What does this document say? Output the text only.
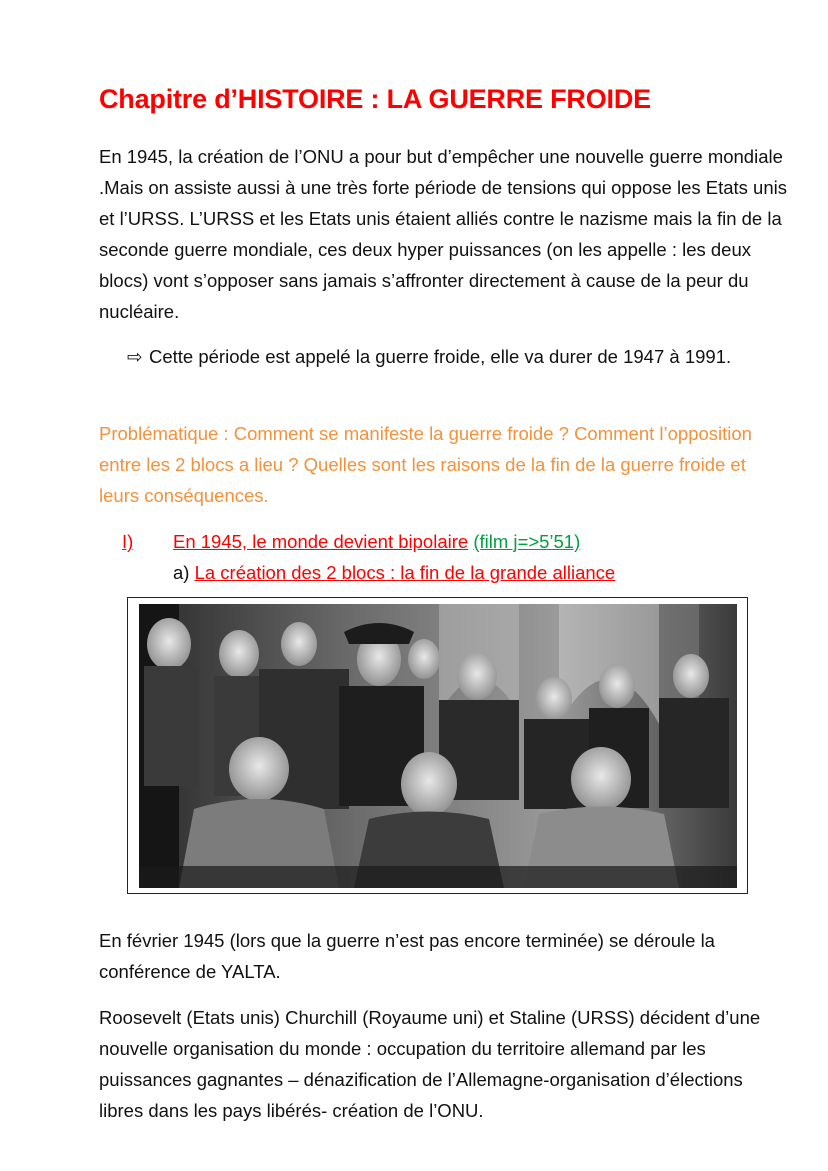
Chapitre d’HISTOIRE : LA GUERRE FROIDE

En 1945, la création de l’ONU a pour but d’empêcher une nouvelle guerre mondiale .Mais on assiste aussi à une très forte période de tensions qui oppose les Etats unis et l’URSS. L’URSS et les Etats unis étaient alliés contre le nazisme mais la fin de la seconde guerre mondiale, ces deux hyper puissances (on les appelle : les deux blocs) vont s’opposer sans jamais s’affronter directement à cause de la peur du nucléaire.

⇨ Cette période est appelé la guerre froide, elle va durer de 1947 à 1991.

Problématique : Comment se manifeste la guerre froide ? Comment l’opposition entre les 2 blocs a lieu ? Quelles sont les raisons de la fin de la guerre froide et leurs conséquences.

I) En 1945, le monde devient bipolaire (film j=>5’51)

a) La création des 2 blocs : la fin de la grande alliance

En février 1945 (lors que la guerre n’est pas encore terminée) se déroule la conférence de YALTA.

Roosevelt (Etats unis) Churchill (Royaume uni) et Staline (URSS) décident d’une nouvelle organisation du monde : occupation du territoire allemand par les puissances gagnantes – dénazification de l’Allemagne-organisation d’élections libres dans les pays libérés- création de l’ONU.
